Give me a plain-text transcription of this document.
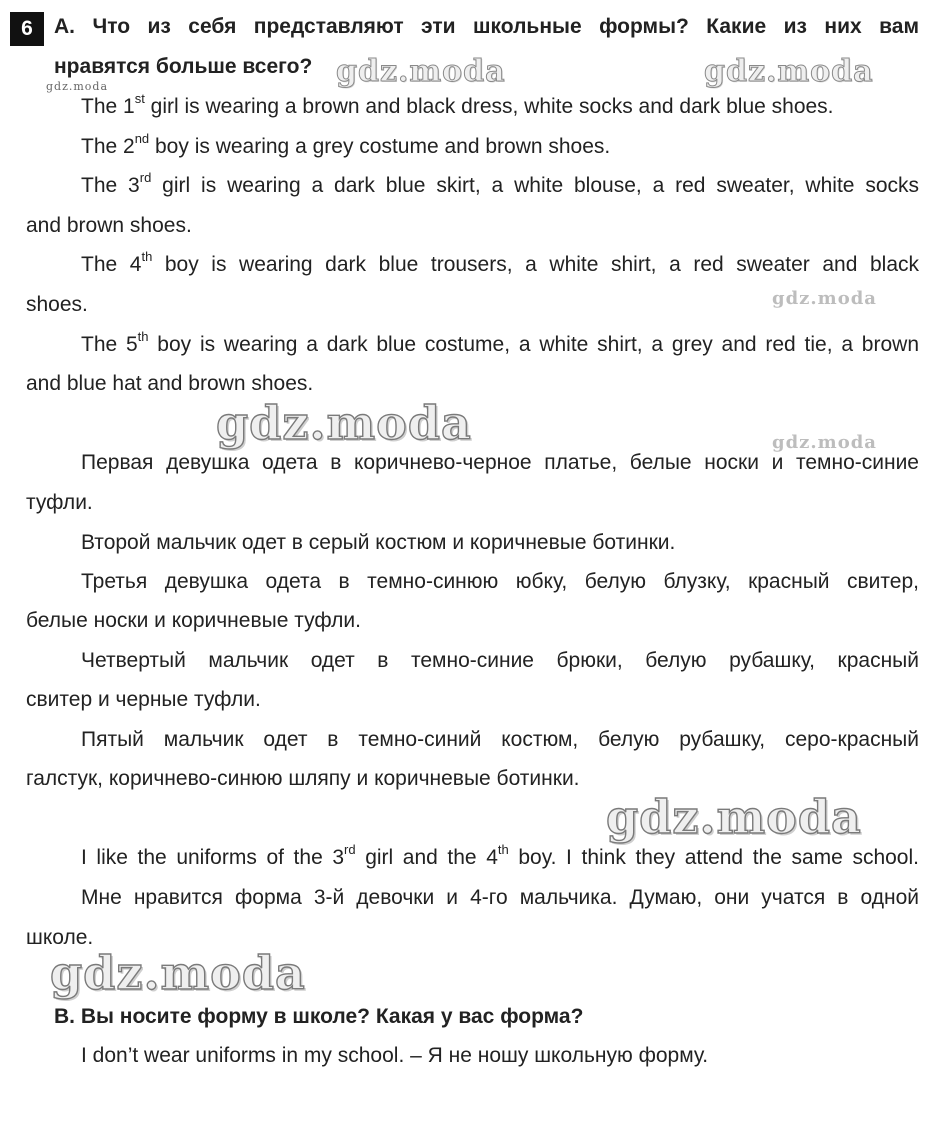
6	A. Что из себя представляют эти школьные формы? Какие из них вам
нравятся больше всего?
The 1st girl is wearing a brown and black dress, white socks and dark blue shoes.
The 2nd boy is wearing a grey costume and brown shoes.
The 3rd girl is wearing a dark blue skirt, a white blouse, a red sweater, white socks
and brown shoes.
The 4th boy is wearing dark blue trousers, a white shirt, a red sweater and black
shoes.
The 5th boy is wearing a dark blue costume, a white shirt, a grey and red tie, a brown
and blue hat and brown shoes.
Первая девушка одета в коричнево-черное платье, белые носки и темно-синие
туфли.
Второй мальчик одет в серый костюм и коричневые ботинки.
Третья девушка одета в темно-синюю юбку, белую блузку, красный свитер,
белые носки и коричневые туфли.
Четвертый мальчик одет в темно-синие брюки, белую рубашку, красный
свитер и черные туфли.
Пятый мальчик одет в темно-синий костюм, белую рубашку, серо-красный
галстук, коричнево-синюю шляпу и коричневые ботинки.
I like the uniforms of the 3rd girl and the 4th boy. I think they attend the same school.
Мне нравится форма 3-й девочки и 4-го мальчика. Думаю, они учатся в одной
школе.
B. Вы носите форму в школе? Какая у вас форма?
I don’t wear uniforms in my school. – Я не ношу школьную форму.
gdz.moda	gdz.moda
gdz.moda
gdz.moda
gdz.moda	gdz.moda
gdz.moda
gdz.moda
